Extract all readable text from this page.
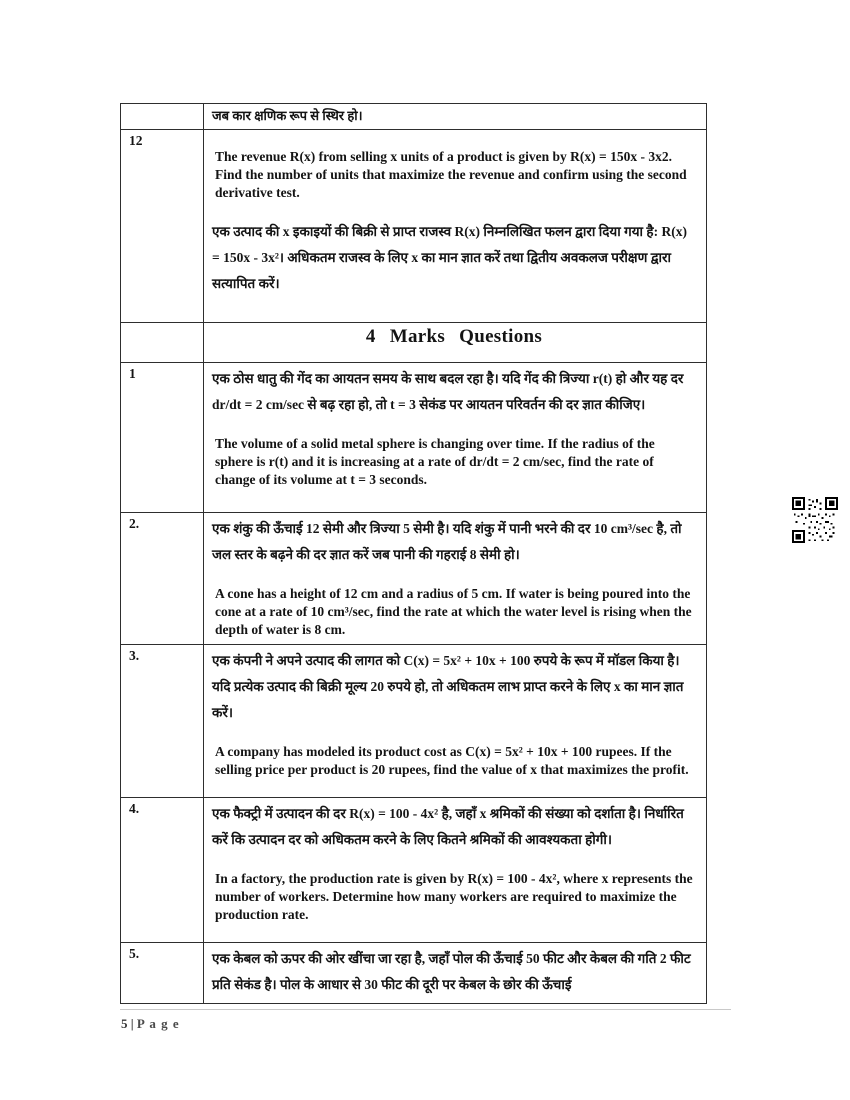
	जब कार क्षणिक रूप से स्थिर हो।

12	The revenue R(x) from selling x units of a product is given by R(x) = 150x - 3x2. Find the number of units that maximize the revenue and confirm using the second derivative test.
एक उत्पाद की x इकाइयों की बिक्री से प्राप्त राजस्व R(x) निम्नलिखित फलन द्वारा दिया गया है: R(x) = 150x - 3x²। अधिकतम राजस्व के लिए x का मान ज्ञात करें तथा द्वितीय अवकलज परीक्षण द्वारा सत्यापित करें।

	4 Marks Questions
1	एक ठोस धातु की गेंद का आयतन समय के साथ बदल रहा है। यदि गेंद की त्रिज्या r(t) हो और यह दर dr/dt = 2 cm/sec से बढ़ रहा हो, तो t = 3 सेकंड पर आयतन परिवर्तन की दर ज्ञात कीजिए।
The volume of a solid metal sphere is changing over time. If the radius of the sphere is r(t) and it is increasing at a rate of dr/dt = 2 cm/sec, find the rate of change of its volume at t = 3 seconds.

2.	एक शंकु की ऊँचाई 12 सेमी और त्रिज्या 5 सेमी है। यदि शंकु में पानी भरने की दर 10 cm³/sec है, तो जल स्तर के बढ़ने की दर ज्ञात करें जब पानी की गहराई 8 सेमी हो।
A cone has a height of 12 cm and a radius of 5 cm. If water is being poured into the cone at a rate of 10 cm³/sec, find the rate at which the water level is rising when the depth of water is 8 cm.

3.	एक कंपनी ने अपने उत्पाद की लागत को C(x) = 5x² + 10x + 100 रुपये के रूप में मॉडल किया है। यदि प्रत्येक उत्पाद की बिक्री मूल्य 20 रुपये हो, तो अधिकतम लाभ प्राप्त करने के लिए x का मान ज्ञात करें।
A company has modeled its product cost as C(x) = 5x² + 10x + 100 rupees. If the selling price per product is 20 rupees, find the value of x that maximizes the profit.

4.	एक फैक्ट्री में उत्पादन की दर R(x) = 100 - 4x² है, जहाँ x श्रमिकों की संख्या को दर्शाता है। निर्धारित करें कि उत्पादन दर को अधिकतम करने के लिए कितने श्रमिकों की आवश्यकता होगी।
In a factory, the production rate is given by R(x) = 100 - 4x², where x represents the number of workers. Determine how many workers are required to maximize the production rate.

5.	एक केबल को ऊपर की ओर खींचा जा रहा है, जहाँ पोल की ऊँचाई 50 फीट और केबल की गति 2 फीट प्रति सेकंड है। पोल के आधार से 30 फीट की दूरी पर केबल के छोर की ऊँचाई
5 | P a g e
